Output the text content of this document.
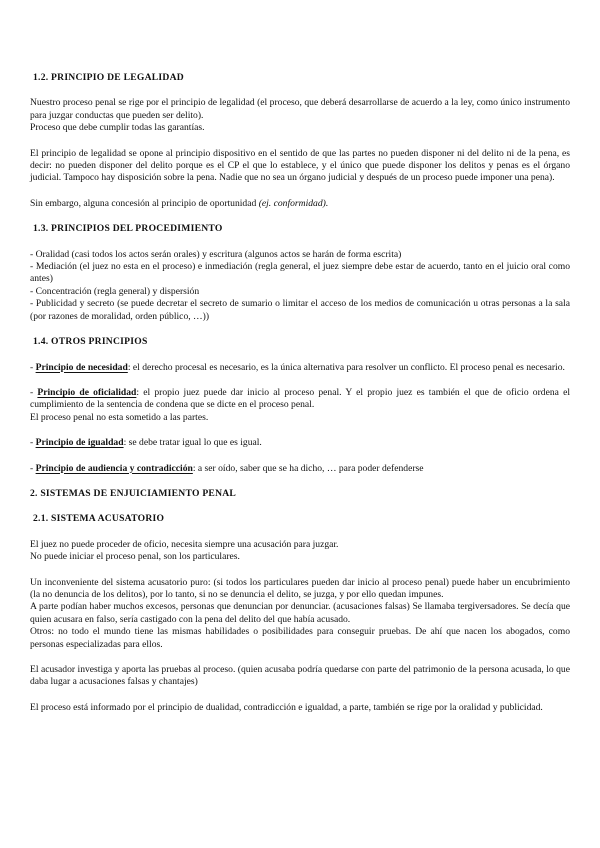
1.2. PRINCIPIO DE LEGALIDAD

Nuestro proceso penal se rige por el principio de legalidad (el proceso, que deberá desarrollarse de acuerdo a la ley, como único instrumento para juzgar conductas que pueden ser delito).

Proceso que debe cumplir todas las garantías.

El principio de legalidad se opone al principio dispositivo en el sentido de que las partes no pueden disponer ni del delito ni de la pena, es decir: no pueden disponer del delito porque es el CP el que lo establece, y el único que puede disponer los delitos y penas es el órgano judicial. Tampoco hay disposición sobre la pena. Nadie que no sea un órgano judicial y después de un proceso puede imponer una pena).

Sin embargo, alguna concesión al principio de oportunidad (ej. conformidad).

1.3. PRINCIPIOS DEL PROCEDIMIENTO

- Oralidad (casi todos los actos serán orales) y escritura (algunos actos se harán de forma escrita)

- Mediación (el juez no esta en el proceso) e inmediación (regla general, el juez siempre debe estar de acuerdo, tanto en el juicio oral como antes)

- Concentración (regla general) y dispersión

- Publicidad y secreto (se puede decretar el secreto de sumario o limitar el acceso de los medios de comunicación u otras personas a la sala (por razones de moralidad, orden público, …))

1.4. OTROS PRINCIPIOS

- Principio de necesidad: el derecho procesal es necesario, es la única alternativa para resolver un conflicto. El proceso penal es necesario.

- Principio de oficialidad: el propio juez puede dar inicio al proceso penal. Y el propio juez es también el que de oficio ordena el cumplimiento de la sentencia de condena que se dicte en el proceso penal.

El proceso penal no esta sometido a las partes.

- Principio de igualdad: se debe tratar igual lo que es igual.

- Principio de audiencia y contradicción: a ser oído, saber que se ha dicho, … para poder defenderse

2. SISTEMAS DE ENJUICIAMIENTO PENAL
2.1. SISTEMA ACUSATORIO

El juez no puede proceder de oficio, necesita siempre una acusación para juzgar.

No puede iniciar el proceso penal, son los particulares.

Un inconveniente del sistema acusatorio puro: (si todos los particulares pueden dar inicio al proceso penal) puede haber un encubrimiento (la no denuncia de los delitos), por lo tanto, si no se denuncia el delito, se juzga, y por ello quedan impunes.

A parte podían haber muchos excesos, personas que denuncian por denunciar. (acusaciones falsas) Se llamaba tergiversadores. Se decía que quien acusara en falso, sería castigado con la pena del delito del que había acusado.

Otros: no todo el mundo tiene las mismas habilidades o posibilidades para conseguir pruebas. De ahí que nacen los abogados, como personas especializadas para ellos.

El acusador investiga y aporta las pruebas al proceso. (quien acusaba podría quedarse con parte del patrimonio de la persona acusada, lo que daba lugar a acusaciones falsas y chantajes)

El proceso está informado por el principio de dualidad, contradicción e igualdad, a parte, también se rige por la oralidad y publicidad.
